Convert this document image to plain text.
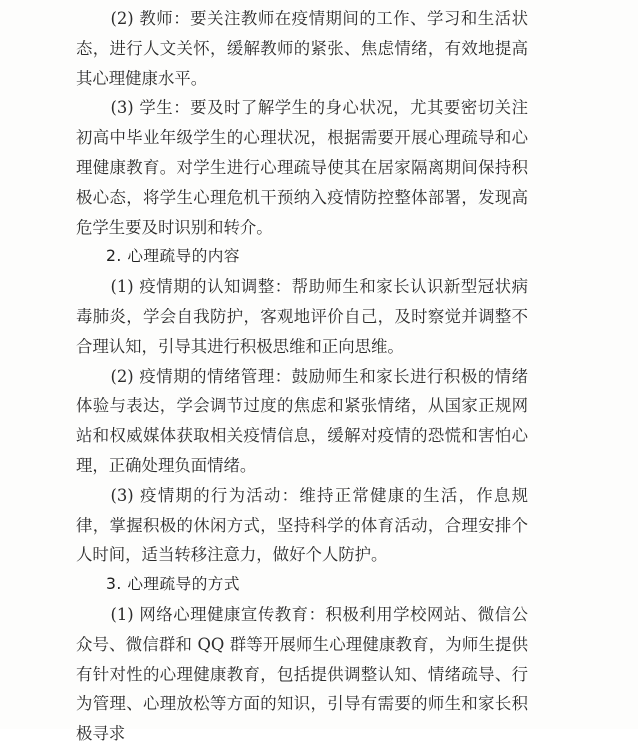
(2) 教师：要关注教师在疫情期间的工作、学习和生活状态，进行人文关怀，缓解教师的紧张、焦虑情绪，有效地提高其心理健康水平。

(3) 学生：要及时了解学生的身心状况，尤其要密切关注初高中毕业年级学生的心理状况，根据需要开展心理疏导和心理健康教育。对学生进行心理疏导使其在居家隔离期间保持积极心态，将学生心理危机干预纳入疫情防控整体部署，发现高危学生要及时识别和转介。

2. 心理疏导的内容

(1) 疫情期的认知调整：帮助师生和家长认识新型冠状病毒肺炎，学会自我防护，客观地评价自己，及时察觉并调整不合理认知，引导其进行积极思维和正向思维。

(2) 疫情期的情绪管理：鼓励师生和家长进行积极的情绪体验与表达，学会调节过度的焦虑和紧张情绪，从国家正规网站和权威媒体获取相关疫情信息，缓解对疫情的恐慌和害怕心理，正确处理负面情绪。

(3) 疫情期的行为活动：维持正常健康的生活，作息规律，掌握积极的休闲方式，坚持科学的体育活动，合理安排个人时间，适当转移注意力，做好个人防护。

3. 心理疏导的方式

(1) 网络心理健康宣传教育：积极利用学校网站、微信公众号、微信群和 QQ 群等开展师生心理健康教育，为师生提供有针对性的心理健康教育，包括提供调整认知、情绪疏导、行为管理、心理放松等方面的知识，引导有需要的师生和家长积极寻求
